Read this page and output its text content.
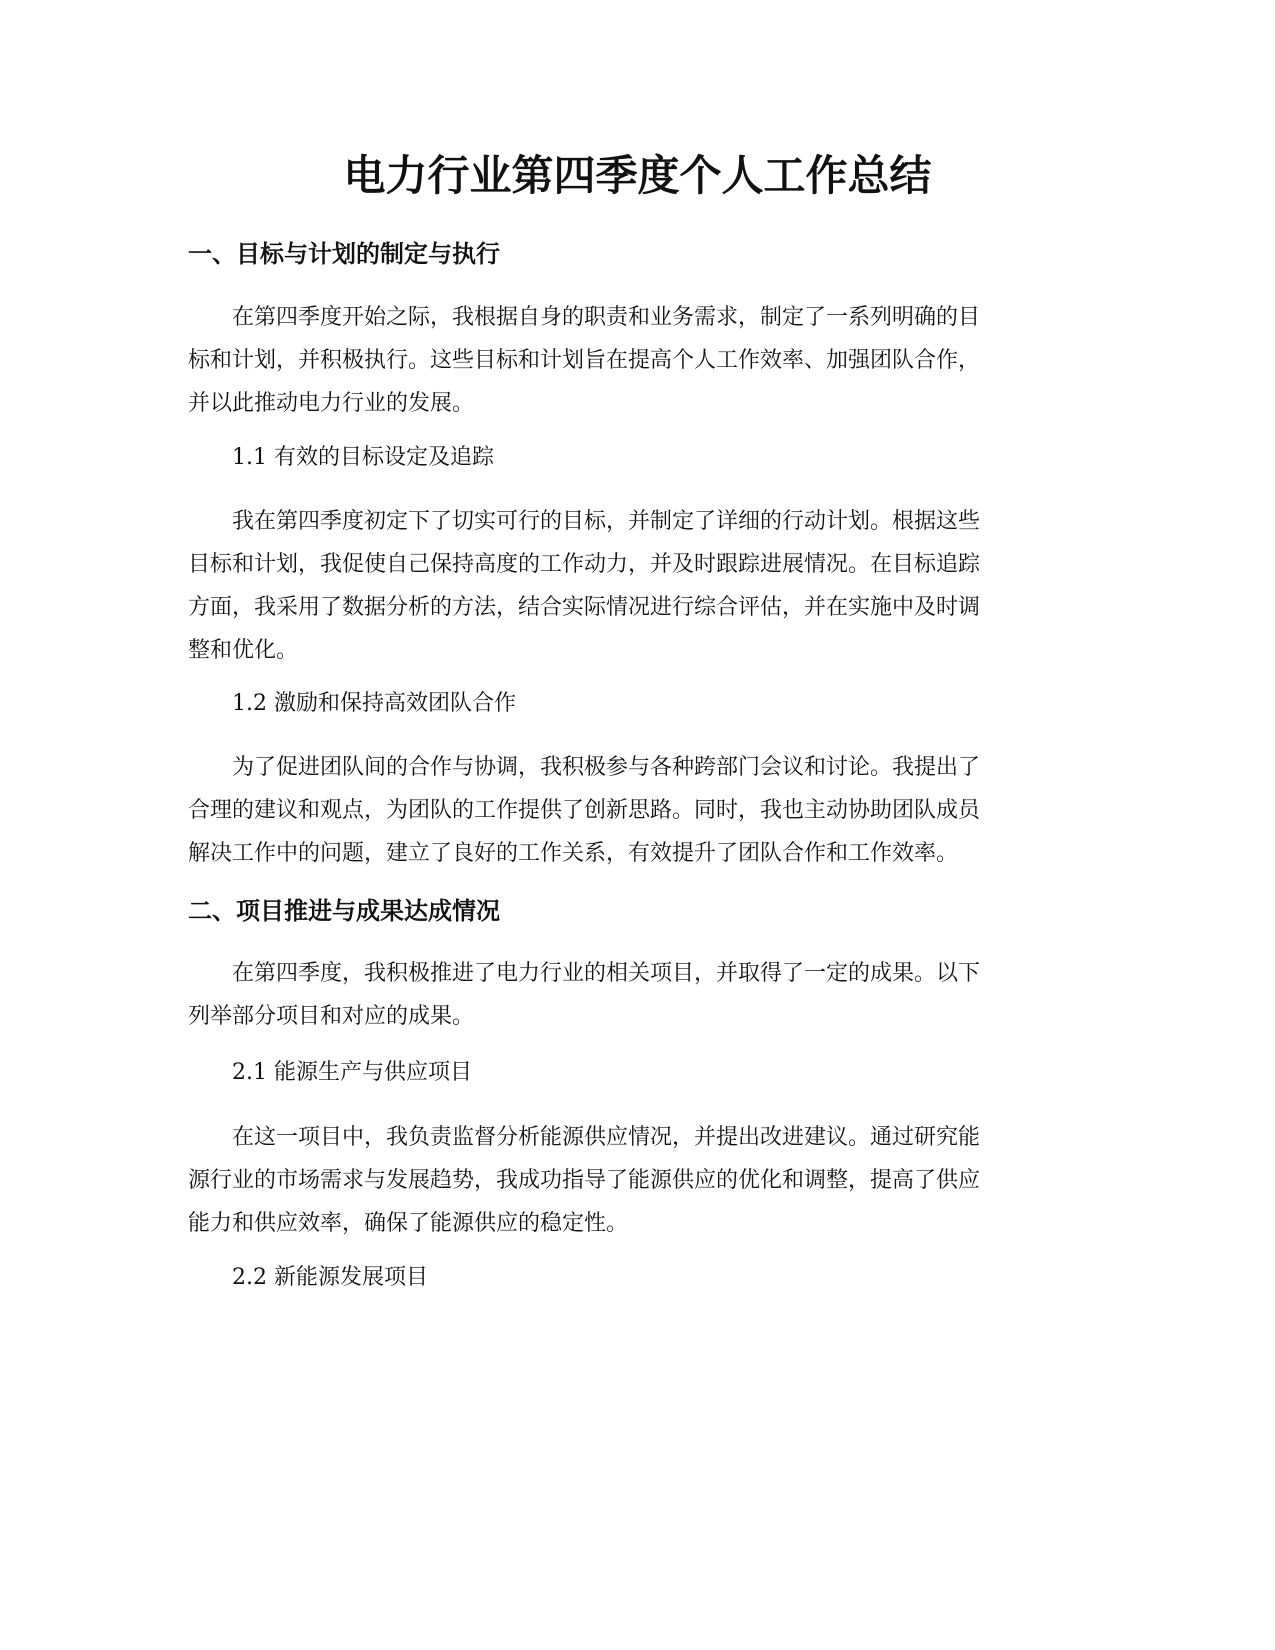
电力行业第四季度个人工作总结
一、目标与计划的制定与执行
在第四季度开始之际，我根据自身的职责和业务需求，制定了一系列明确的目
标和计划，并积极执行。这些目标和计划旨在提高个人工作效率、加强团队合作，
并以此推动电力行业的发展。

1.1 有效的目标设定及追踪

我在第四季度初定下了切实可行的目标，并制定了详细的行动计划。根据这些
目标和计划，我促使自己保持高度的工作动力，并及时跟踪进展情况。在目标追踪
方面，我采用了数据分析的方法，结合实际情况进行综合评估，并在实施中及时调
整和优化。

1.2 激励和保持高效团队合作

为了促进团队间的合作与协调，我积极参与各种跨部门会议和讨论。我提出了
合理的建议和观点，为团队的工作提供了创新思路。同时，我也主动协助团队成员
解决工作中的问题，建立了良好的工作关系，有效提升了团队合作和工作效率。
二、项目推进与成果达成情况
在第四季度，我积极推进了电力行业的相关项目，并取得了一定的成果。以下
列举部分项目和对应的成果。

2.1 能源生产与供应项目

在这一项目中，我负责监督分析能源供应情况，并提出改进建议。通过研究能
源行业的市场需求与发展趋势，我成功指导了能源供应的优化和调整，提高了供应
能力和供应效率，确保了能源供应的稳定性。

2.2 新能源发展项目
